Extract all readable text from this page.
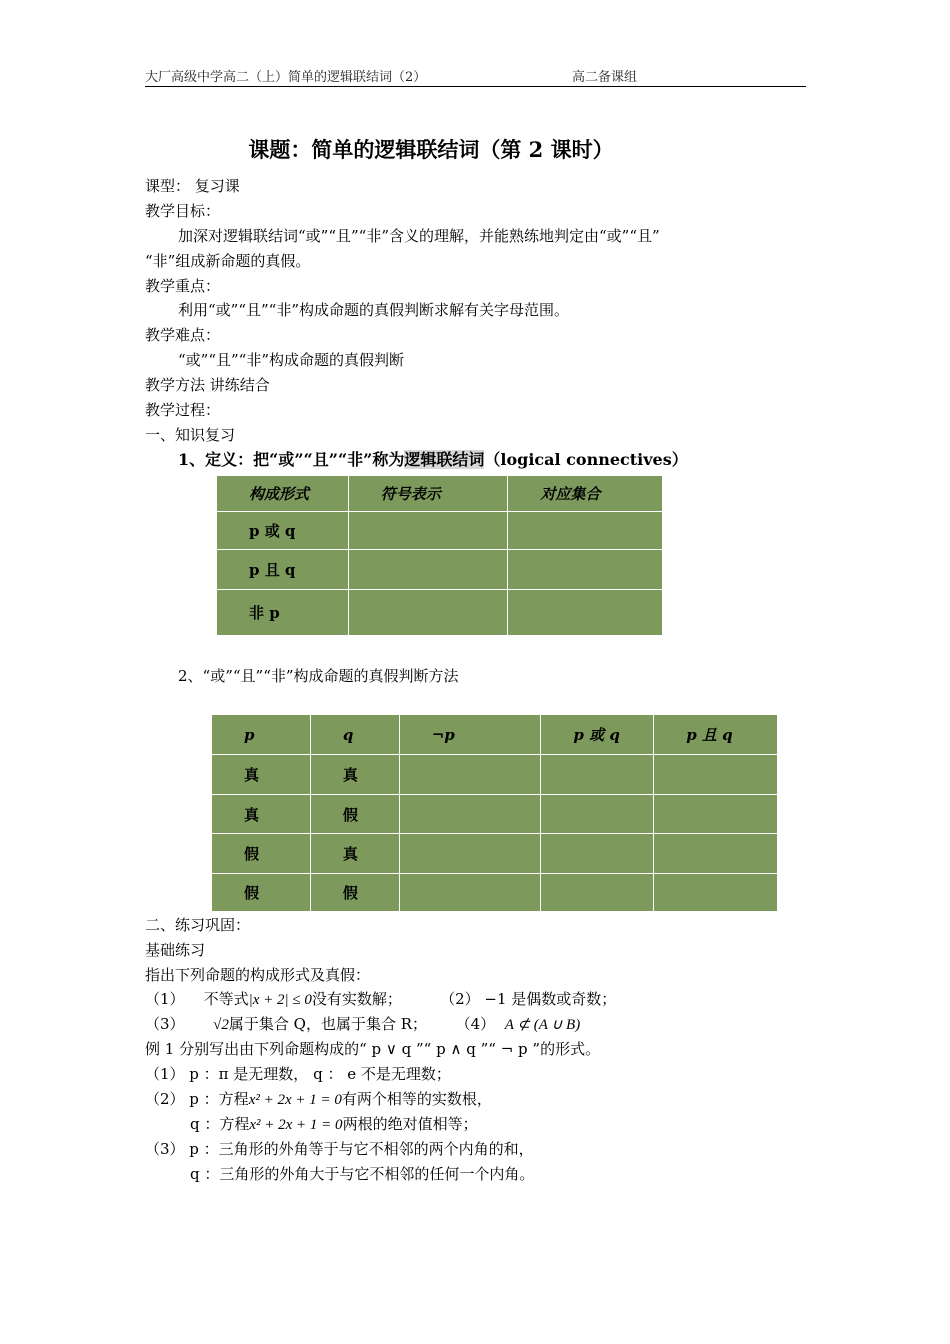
大厂高级中学高二（上）简单的逻辑联结词（2）	高二备课组
课题：简单的逻辑联结词（第 2 课时）
课型： 复习课
教学目标：
加深对逻辑联结词“或”“且”“非”含义的理解，并能熟练地判定由“或”“且”
“非”组成新命题的真假。
教学重点：
利用“或”“且”“非”构成命题的真假判断求解有关字母范围。
教学难点：
“或”“且”“非”构成命题的真假判断
教学方法 讲练结合
教学过程：
一、知识复习
1、定义：把“或”“且”“非”称为逻辑联结词（logical connectives）
构成形式	符号表示	对应集合
p 或 q		
p 且 q		
非 p		
2、“或”“且”“非”构成命题的真假判断方法
p	q	¬p	p 或 q	p 且 q
真	真			
真	假			
假	真			
假	假			
二、练习巩固：
基础练习
指出下列命题的构成形式及真假：
（1） 不等式|x + 2| ≤ 0没有实数解；	（2） −1 是偶数或奇数；
（3） √2属于集合 Q，也属于集合 R； （4） A ⊄ (A ∪ B)
例 1 分别写出由下列命题构成的“ p ∨ q ”“ p ∧ q ”“ ¬ p ”的形式。
（1） p ：π 是无理数， q ： e 不是无理数；
（2） p ：方程x² + 2x + 1 = 0有两个相等的实数根，
q ：方程x² + 2x + 1 = 0两根的绝对值相等；
（3） p ：三角形的外角等于与它不相邻的两个内角的和，
q ：三角形的外角大于与它不相邻的任何一个内角。
